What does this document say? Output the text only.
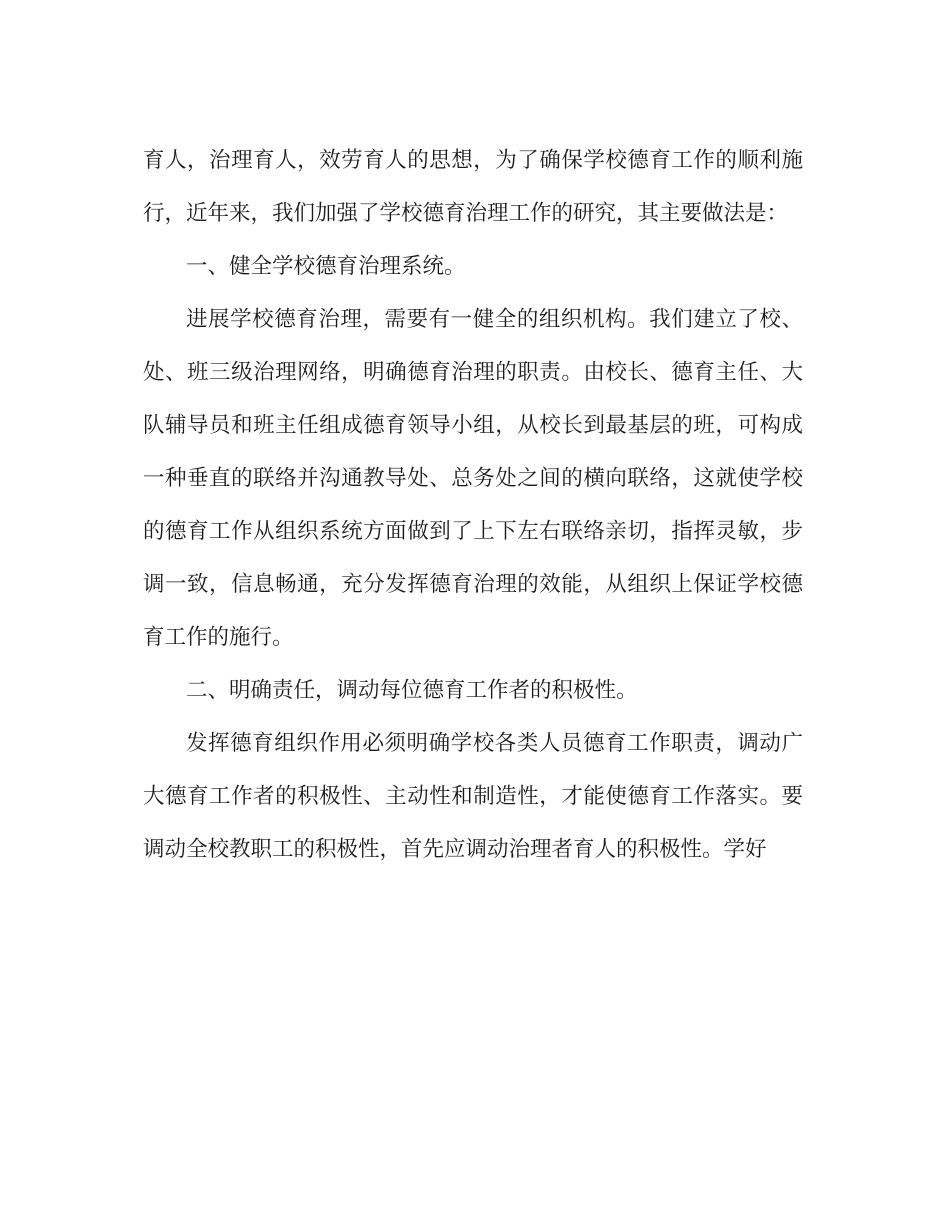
育人，治理育人，效劳育人的思想，为了确保学校德育工作的顺利施行，近年来，我们加强了学校德育治理工作的研究，其主要做法是：

一、健全学校德育治理系统。

进展学校德育治理，需要有一健全的组织机构。我们建立了校、处、班三级治理网络，明确德育治理的职责。由校长、德育主任、大队辅导员和班主任组成德育领导小组，从校长到最基层的班，可构成一种垂直的联络并沟通教导处、总务处之间的横向联络，这就使学校的德育工作从组织系统方面做到了上下左右联络亲切，指挥灵敏，步调一致，信息畅通，充分发挥德育治理的效能，从组织上保证学校德育工作的施行。

二、明确责任，调动每位德育工作者的积极性。

发挥德育组织作用必须明确学校各类人员德育工作职责，调动广大德育工作者的积极性、主动性和制造性，才能使德育工作落实。要调动全校教职工的积极性，首先应调动治理者育人的积极性。学好
